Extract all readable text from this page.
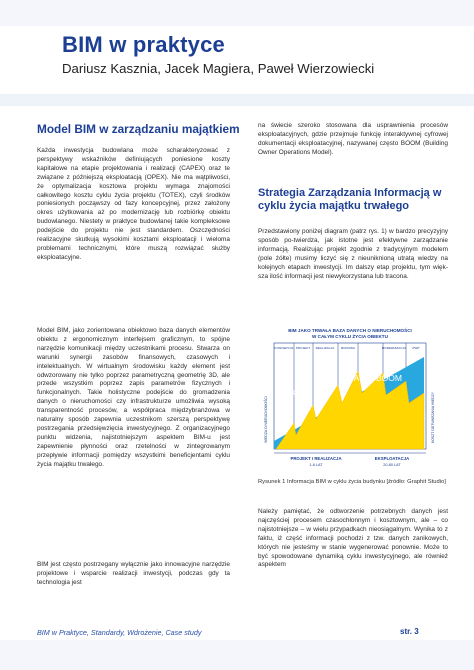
BIM w praktyce

Dariusz Kasznia, Jacek Magiera, Paweł Wierzowiecki

Model BIM w zarządzaniu majątkiem

Każda inwestycja budowlana może scharakteryzować z perspektywy wskaźników definiujących poniesione koszty kapitałowe na etapie projektowania i realizacji (CAPEX) oraz te związane z późniejszą eksploatacją (OPEX). Nie ma wątpliwości, że optymalizacja kosztowa projektu wymaga znajomości całkowitego kosztu cyklu życia projektu (TOTEX), czyli środków poniesionych począwszy od fazy koncepcyjnej, przez założony okres użytkowania aż po modernizację lub rozbiórkę obiektu budowlanego. Niestety w praktyce budowlanej takie kompleksowe podejście do projektu nie jest standardem. Oszczędności realizacyjne skutkują wysokimi kosztami eksploatacji i wieloma problemami technicznymi, które muszą rozwiązać służby eksploatacyjne.

Model BIM, jako zorientowana obiektowo baza danych elementów obiektu z ergonomicznym interfejsem graficznym, to spójne narzędzie komunikacji między uczestnikami procesu. Stwarza on warunki synergii zasobów finansowych, czasowych i intelektualnych. W wirtualnym środowisku każdy element jest odwzorowany nie tylko poprzez parametryczną geometrię 3D, ale przede wszystkim poprzez zapis parametrów fizycznych i funkcjonalnych. Takie holistyczne podejście do gromadzenia danych o nieruchomości czy infrastrukturze umożliwia wysoką transparentność procesów, a współpraca międzybranżowa w naturalny sposób zapewnia uczestnikom szerszą perspektywę postrzegania przedsięwzięcia inwestycyjnego. Z organizacyjnego punktu widzenia, najistotniejszym aspektem BIM-u jest zapewnienie płynności oraz rzetelności w zintegrowanym przepływie informacji pomiędzy wszystkimi beneficjentami cyklu życia majątku trwałego.

BIM jest często postrzegany wyłącznie jako innowacyjne narzędzie projektowe i wsparcie realizacji inwestycji, podczas gdy ta technologia jest

na świecie szeroko stosowana dla usprawnienia procesów eksploatacyjnych, gdzie przejmuje funkcję interaktywnej cyfrowej dokumentacji eksploatacyjnej, nazywanej często BOOM (Building Owner Operations Model).

Strategia Zarządzania Informacją w cyklu życia majątku trwałego

Przedstawiony poniżej diagram (patrz rys. 1) w bardzo precyzyjny sposób po-twierdza, jak istotne jest efektywne zarządzanie informacją. Realizując projekt zgodnie z tradycyjnym modelem (pole żółte) musimy liczyć się z nieuniknioną utratą wiedzy na kolejnych etapach inwestycji. Im dalszy etap projektu, tym więk-sza ilość informacji jest niewykorzystana lub tracona.

BIM JAKO TRWAŁA BAZA DANYCH O NIERUCHOMOŚCI
W CAŁYM CYKLU ŻYCIA OBIEKTU
KONCEPCJA PROJEKT REALIZACJA BUDOWA	MODERNIZACJA PWP
BIM
BAM BOOM
WIEDZA O NIERUCHOMOŚCI	KOSZT ODTWARZANIA WIEDZY
PROJEKT I REALIZACJA
1-6 LAT
EKSPLOATACJA
20-80 LAT

Rysunek 1 Informacja BIM w cyklu życia budynku [źródło: Graphit Studio]

Należy pamiętać, że odtworzenie potrzebnych danych jest najczęściej procesem czasochłonnym i kosztownym, ale – co najistotniejsze – w wielu przypadkach nieosiągalnym. Wynika to z faktu, iż część informacji pochodzi z tzw. danych zanikowych, których nie jesteśmy w stanie wygenerować ponownie. Może to być spowodowane dynamiką cyklu inwestycyjnego, ale również aspektem

BIM w Praktyce, Standardy, Wdrożenie, Case study	str. 3
